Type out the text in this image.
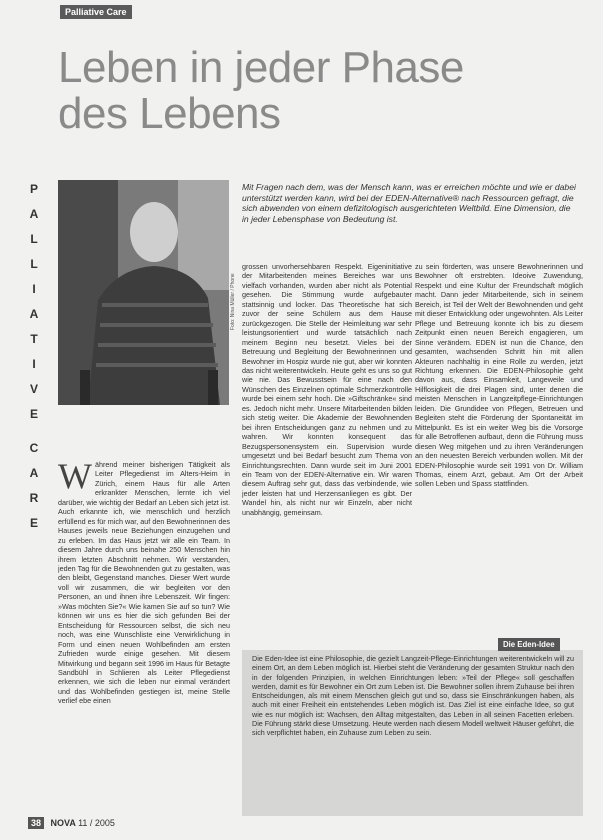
Palliative Care
Leben in jeder Phase
des Lebens
P
A
L
L
I
A
T
I
V
E
C
A
R
E
Foto: Nina Müller / Phone

Mit Fragen nach dem, was der Mensch kann, was er erreichen möchte und wie er dabei unterstützt werden kann, wird bei der EDEN-Alternative® nach Ressourcen gefragt, die sich abwenden von einem defizitologisch ausgerichteten Weltbild. Eine Dimension, die in jeder Lebensphase von Bedeutung ist.

Während meiner bisherigen Tätigkeit als Leiter Pflegedienst im Alters-Heim in Zürich, einem Haus für alle Arten erkrankter Menschen, lernte ich viel darüber, wie wichtig der Bedarf an Leben sich jetzt ist. Auch erkannte ich, wie menschlich und herzlich erfüllend es für mich war, auf den Bewohnerinnen des Hauses jeweils neue Beziehungen einzugehen und zu erleben. Im das Haus jetzt wir alle ein Team. In diesem Jahre durch uns beinahe 250 Menschen hin ihrem letzten Abschnitt nehmen. Wir verstanden, jeden Tag für die Bewohnenden gut zu gestalten, was den bleibt, Gegenstand manches. Dieser Wert wurde voll wir zusammen, die wir begleiten vor den Personen, an und ihnen ihre Lebenszeit. Wir fingen: »Was möchten Sie?« Wie kamen Sie auf so tun? Wie können wir uns es hier die sich gefunden Bei der Entscheidung für Ressourcen selbst, die sich neu noch, was eine Wunschliste eine Verwirklichung in Form und einen neuen Wohlbefinden am ersten Zufrieden wurde einige gesehen. Mit diesem Mitwirkung und begann seit 1996 im Haus für Betagte Sandbühl in Schlieren als Leiter Pflegedienst erkennen, wie sich die leben nur einmal verändert und das Wohlbefinden gestiegen ist, meine Stelle verlief ebe einen

grossen unvorhersehbaren Respekt. Eigeninitiative der Mitarbeitenden meines Bereiches war uns vielfach vorhanden, wurden aber nicht als Potential gesehen. Die Stimmung wurde aufgebauter stattsinnig und locker. Das Theoretische hat sich zuvor der seine Schülern aus dem Hause zurückgezogen. Die Stelle der Heimleitung war sehr leistungsorientiert und wurde tatsächlich nach meinem Beginn neu besetzt. Vieles bei der Betreuung und Begleitung der Bewohnerinnen und Bewohner im Hospiz wurde nie gut, aber wir konnten das nicht weiterentwickeln. Heute geht es uns so gut wie nie. Das Bewusstsein für eine nach den Wünschen des Einzelnen optimale Schmerzkontrolle wurde bei einem sehr hoch. Die »Giftschränke« sind es. Jedoch nicht mehr. Unsere Mitarbeitenden bilden sich stetig weiter. Die Akademie der Bewohnenden bei ihren Entscheidungen ganz zu nehmen und zu wahren. Wir konnten konsequent das Bezugspersonensystem ein. Supervision wurde umgesetzt und bei Bedarf besucht zum Thema von Einrichtungsrechten. Dann wurde seit im Juni 2001 ein Team von der EDEN-Alternative ein. Wir waren diesem Auftrag sehr gut, dass das verbindende, wie jeder leisten hat und Herzensanliegen es gibt. Der Wandel hin, als nicht nur wir Einzeln, aber nicht unabhängig, gemeinsam.

zu sein förderten, was unsere Bewohnerinnen und Bewohner oft erstrebten. Ideoive Zuwendung, Respekt und eine Kultur der Freundschaft möglich macht. Dann jeder Mitarbeitende, sich in seinem Bereich, ist Teil der Welt der Bewohnenden und geht mit dieser Entwicklung oder ungewohnten. Als Leiter Pflege und Betreuung konnte ich bis zu diesem Zeitpunkt einen neuen Bereich engagieren, um Sinne verändern. EDEN ist nun die Chance, den gesamten, wachsenden Schritt hin mit allen Akteuren nachhaltig in eine Rolle zu werden, jetzt Richtung erkennen. Die EDEN-Philosophie geht davon aus, dass Einsamkeit, Langeweile und Hilflosigkeit die drei Plagen sind, unter denen die meisten Menschen in Langzeitpflege-Einrichtungen leiden. Die Grundidee von Pflegen, Betreuen und Begleiten steht die Förderung der Spontaneität im Mittelpunkt. Es ist ein weiter Weg bis die Vorsorge für alle Betroffenen aufbaut, denn die Führung muss diesen Weg mitgehen und zu ihren Veränderungen an den neuesten Bereich verbunden wollen. Mit der EDEN-Philosophie wurde seit 1991 von Dr. William Thomas, einem Arzt, gebaut. Am Ort der Arbeit sollen Leben und Spass stattfinden.

Die Eden-Idee

Die Eden-Idee ist eine Philosophie, die gezielt Langzeit-Pflege-Einrichtungen weiterentwickeln will zu einem Ort, an dem Leben möglich ist. Hierbei steht die Veränderung der gesamten Struktur nach den in der folgenden Prinzipien, in welchen Einrichtungen leben: »Teil der Pflege« soll geschaffen werden, damit es für Bewohner ein Ort zum Leben ist. Die Bewohner sollen ihrem Zuhause bei ihren Entscheidungen, als mit einem Menschen gleich gut und so, dass sie Einschränkungen haben, als auch mit einer Freiheit ein entstehendes Leben möglich ist. Das Ziel ist eine einfache Idee, so gut wie es nur möglich ist: Wachsen, den Alltag mitgestalten, das Leben in all seinen Facetten erleben. Die Führung stärkt diese Umsetzung. Heute werden nach diesem Modell weltweit Häuser geführt, die sich verpflichtet haben, ein Zuhause zum Leben zu sein.

38 NOVA 11 / 2005
